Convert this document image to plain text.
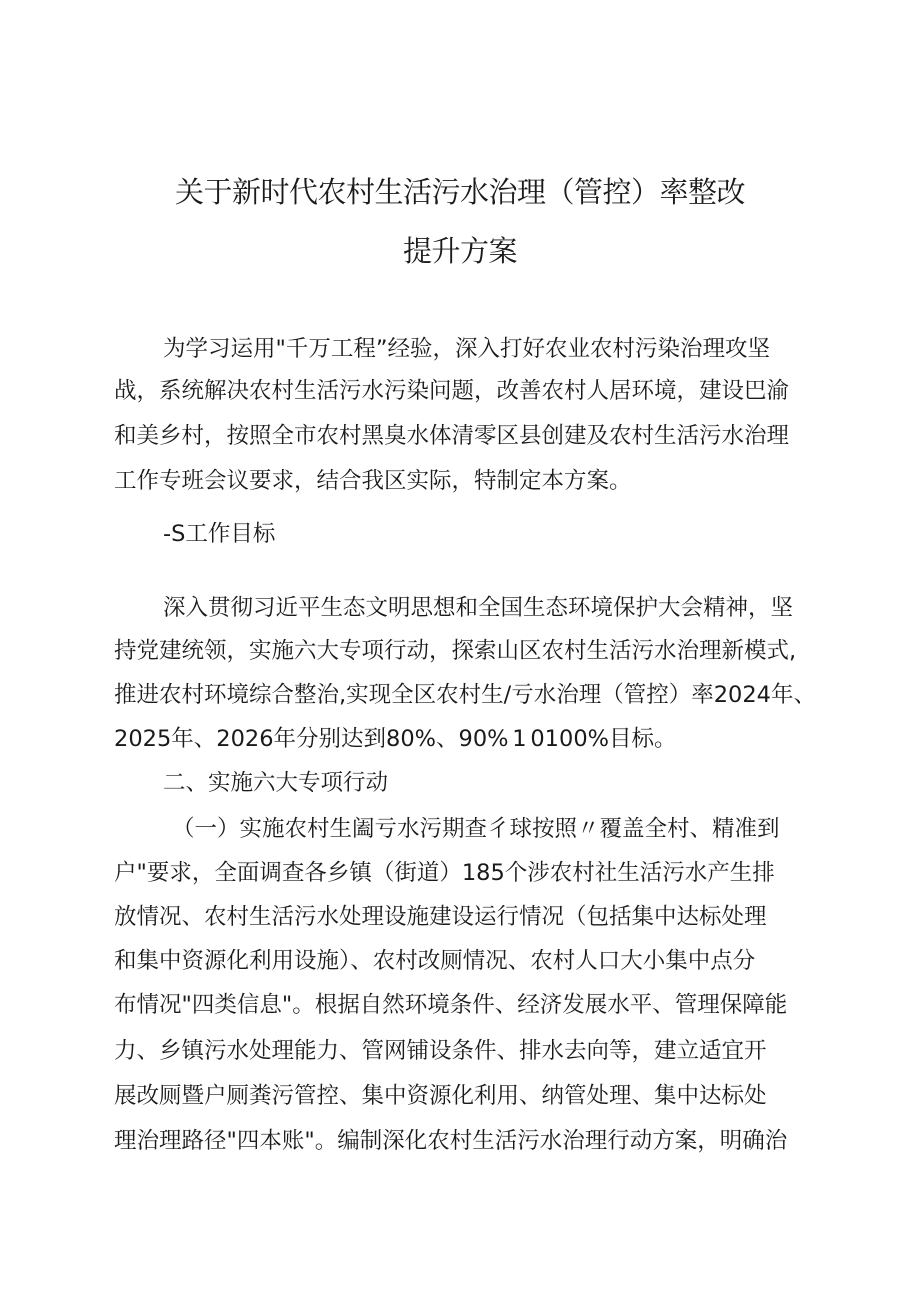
关于新时代农村生活污水治理（管控）率整改
提升方案

为学习运用"千万工程”经验，深入打好农业农村污染治理攻坚

战，系统解决农村生活污水污染问题，改善农村人居环境，建设巴渝

和美乡村，按照全市农村黑臭水体清零区县创建及农村生活污水治理

工作专班会议要求，结合我区实际，特制定本方案。

-S工作目标

深入贯彻习近平生态文明思想和全国生态环境保护大会精神，坚

持党建统领，实施六大专项行动，探索山区农村生活污水治理新模式,

推进农村环境综合整治,实现全区农村生/亏水治理（管控）率2024年、

2025年、2026年分别达到80%、90% 1 0100%目标。

二、实施六大专项行动

（一）实施农村生阖亏水污期查彳球按照〃覆盖全村、精准到

户"要求，全面调查各乡镇（街道）185个涉农村社生活污水产生排

放情况、农村生活污水处理设施建设运行情况（包括集中达标处理

和集中资源化利用设施）、农村改厕情况、农村人口大小集中点分

布情况"四类信息"。根据自然环境条件、经济发展水平、管理保障能

力、乡镇污水处理能力、管网铺设条件、排水去向等，建立适宜开

展改厕暨户厕粪污管控、集中资源化利用、纳管处理、集中达标处

理治理路径"四本账"。编制深化农村生活污水治理行动方案，明确治
